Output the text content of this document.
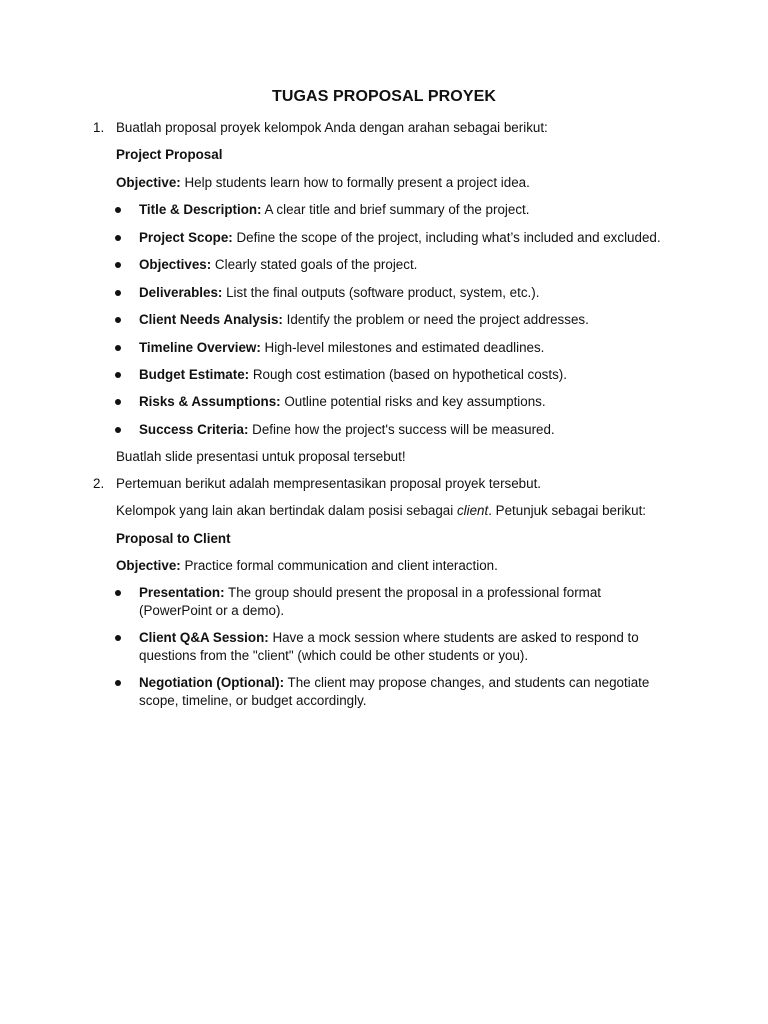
TUGAS PROPOSAL PROYEK
1. Buatlah proposal proyek kelompok Anda dengan arahan sebagai berikut:
Project Proposal
Objective: Help students learn how to formally present a project idea.
Title & Description: A clear title and brief summary of the project.
Project Scope: Define the scope of the project, including what’s included and excluded.
Objectives: Clearly stated goals of the project.
Deliverables: List the final outputs (software product, system, etc.).
Client Needs Analysis: Identify the problem or need the project addresses.
Timeline Overview: High-level milestones and estimated deadlines.
Budget Estimate: Rough cost estimation (based on hypothetical costs).
Risks & Assumptions: Outline potential risks and key assumptions.
Success Criteria: Define how the project's success will be measured.
Buatlah slide presentasi untuk proposal tersebut!
2. Pertemuan berikut adalah mempresentasikan proposal proyek tersebut.
Kelompok yang lain akan bertindak dalam posisi sebagai client. Petunjuk sebagai berikut:
Proposal to Client
Objective: Practice formal communication and client interaction.
Presentation: The group should present the proposal in a professional format (PowerPoint or a demo).
Client Q&A Session: Have a mock session where students are asked to respond to questions from the "client" (which could be other students or you).
Negotiation (Optional): The client may propose changes, and students can negotiate scope, timeline, or budget accordingly.
